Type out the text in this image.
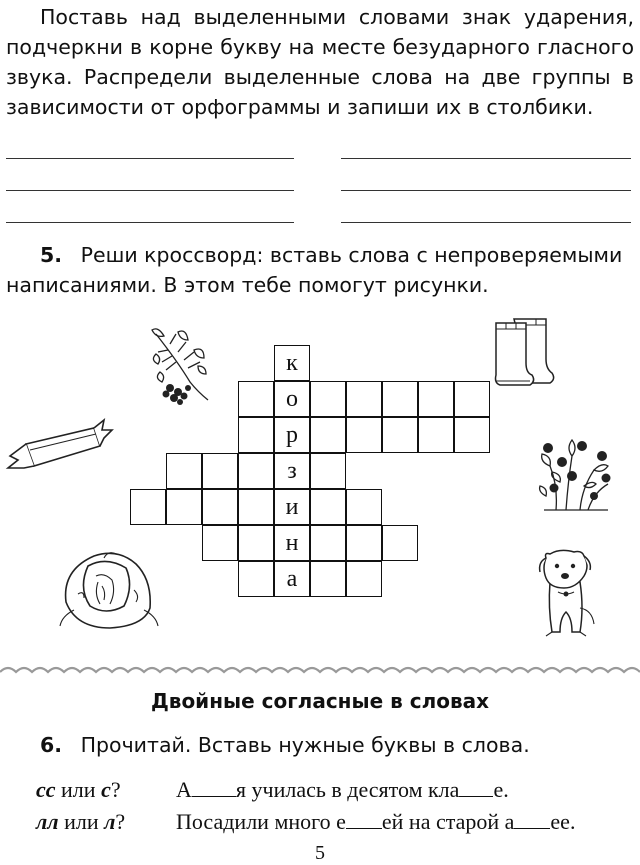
Поставь над выделенными словами знак ударения, подчеркни в корне букву на месте безударного гласного звука. Распредели выделенные слова на две группы в зависимости от орфограммы и запиши их в столбики.

5. Реши кроссворд: вставь слова с непроверяемыми написаниями. В этом тебе помогут рисунки.

к
о
р
з
и
н
а
Двойные согласные в словах

6. Прочитай. Вставь нужные буквы в слова.

сс или с?	А я училась в десятом кла е.
лл или л? Посадили много е ей на старой а ее.
5
